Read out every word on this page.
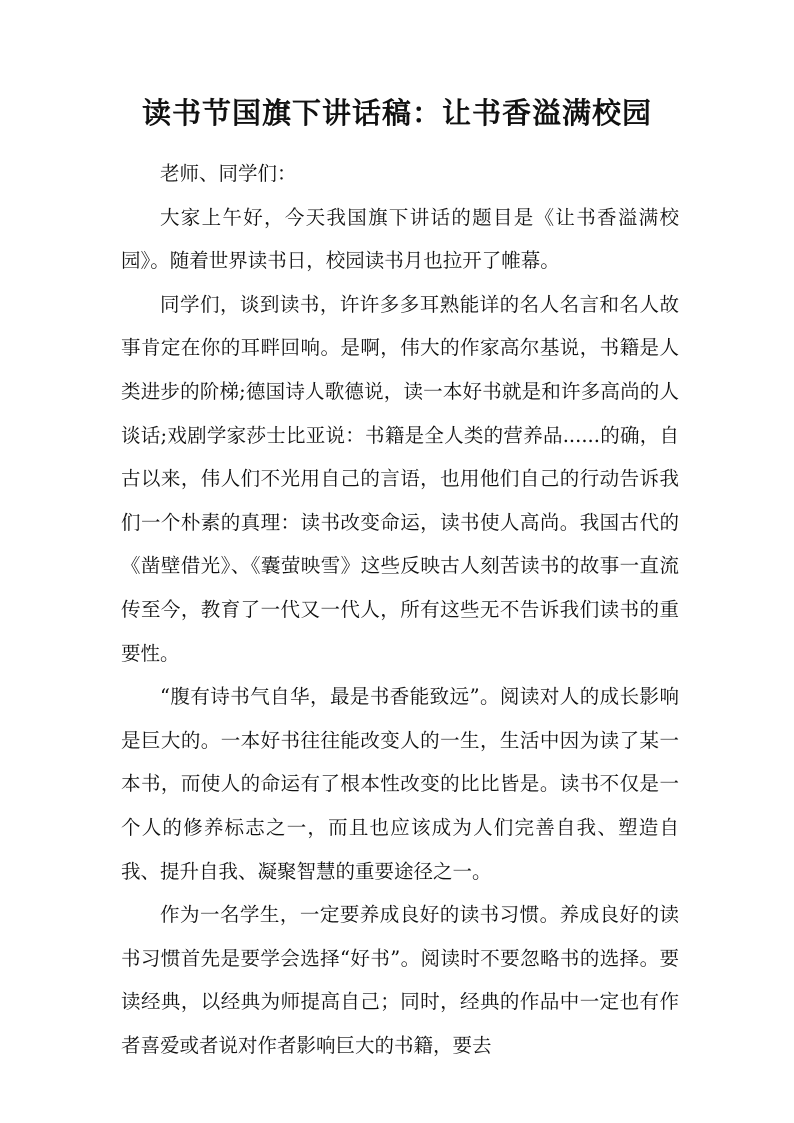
读书节国旗下讲话稿：让书香溢满校园

老师、同学们：

大家上午好，今天我国旗下讲话的题目是《让书香溢满校园》。随着世界读书日，校园读书月也拉开了帷幕。

同学们，谈到读书，许许多多耳熟能详的名人名言和名人故事肯定在你的耳畔回响。是啊，伟大的作家高尔基说，书籍是人类进步的阶梯;德国诗人歌德说，读一本好书就是和许多高尚的人谈话;戏剧学家莎士比亚说：书籍是全人类的营养品......的确，自古以来，伟人们不光用自己的言语，也用他们自己的行动告诉我们一个朴素的真理：读书改变命运，读书使人高尚。我国古代的《凿壁借光》、《囊萤映雪》这些反映古人刻苦读书的故事一直流传至今，教育了一代又一代人，所有这些无不告诉我们读书的重要性。

“腹有诗书气自华，最是书香能致远”。阅读对人的成长影响是巨大的。一本好书往往能改变人的一生，生活中因为读了某一本书，而使人的命运有了根本性改变的比比皆是。读书不仅是一个人的修养标志之一，而且也应该成为人们完善自我、塑造自我、提升自我、凝聚智慧的重要途径之一。

作为一名学生，一定要养成良好的读书习惯。养成良好的读书习惯首先是要学会选择“好书”。阅读时不要忽略书的选择。要读经典，以经典为师提高自己；同时，经典的作品中一定也有作者喜爱或者说对作者影响巨大的书籍，要去
